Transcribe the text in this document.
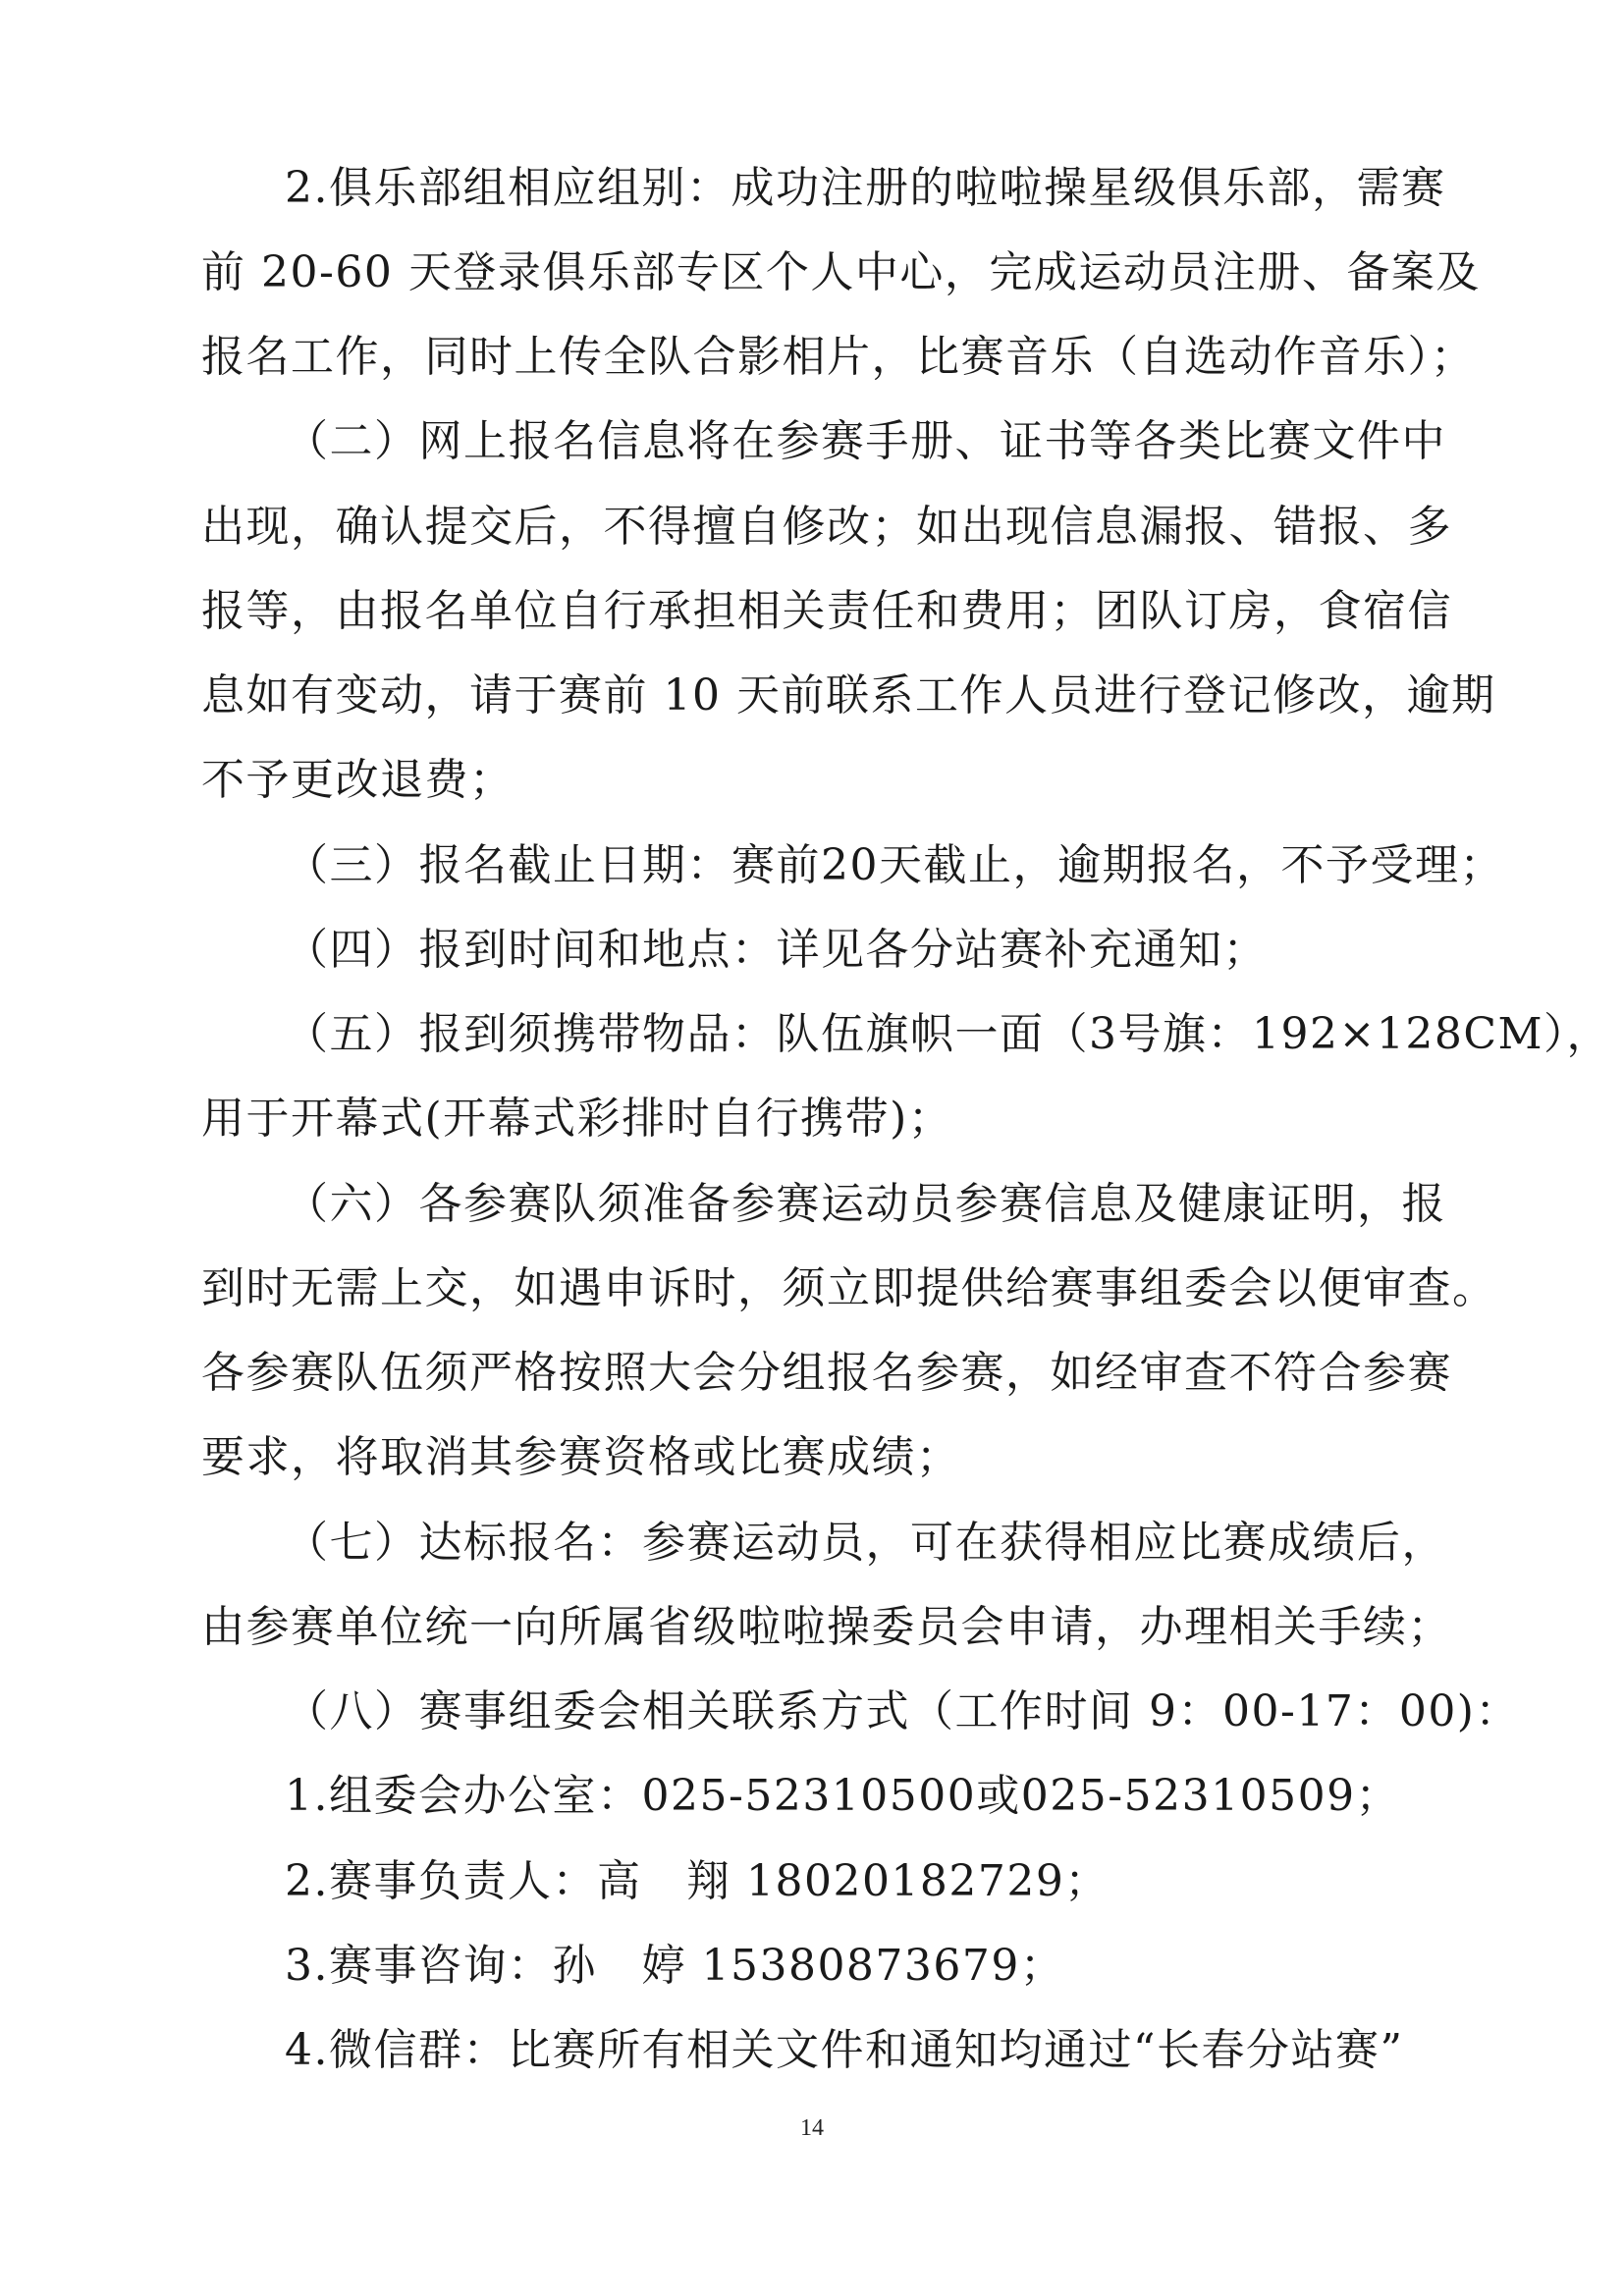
2.俱乐部组相应组别：成功注册的啦啦操星级俱乐部，需赛
前 20-60 天登录俱乐部专区个人中心，完成运动员注册、备案及
报名工作，同时上传全队合影相片，比赛音乐（自选动作音乐）；
（二）网上报名信息将在参赛手册、证书等各类比赛文件中
出现，确认提交后，不得擅自修改；如出现信息漏报、错报、多
报等，由报名单位自行承担相关责任和费用；团队订房，食宿信
息如有变动，请于赛前 10 天前联系工作人员进行登记修改，逾期
不予更改退费；
（三）报名截止日期：赛前20天截止，逾期报名，不予受理；
（四）报到时间和地点：详见各分站赛补充通知；
（五）报到须携带物品：队伍旗帜一面（3号旗：192×128CM），
用于开幕式(开幕式彩排时自行携带)；
（六）各参赛队须准备参赛运动员参赛信息及健康证明，报
到时无需上交，如遇申诉时，须立即提供给赛事组委会以便审查。
各参赛队伍须严格按照大会分组报名参赛，如经审查不符合参赛
要求，将取消其参赛资格或比赛成绩；
（七）达标报名：参赛运动员，可在获得相应比赛成绩后，
由参赛单位统一向所属省级啦啦操委员会申请，办理相关手续；
（八）赛事组委会相关联系方式（工作时间 9：00-17：00)：
1.组委会办公室：025-52310500或025-52310509；
2.赛事负责人：高　翔 18020182729；
3.赛事咨询：孙　婷 15380873679；
4.微信群：比赛所有相关文件和通知均通过“长春分站赛”
14
